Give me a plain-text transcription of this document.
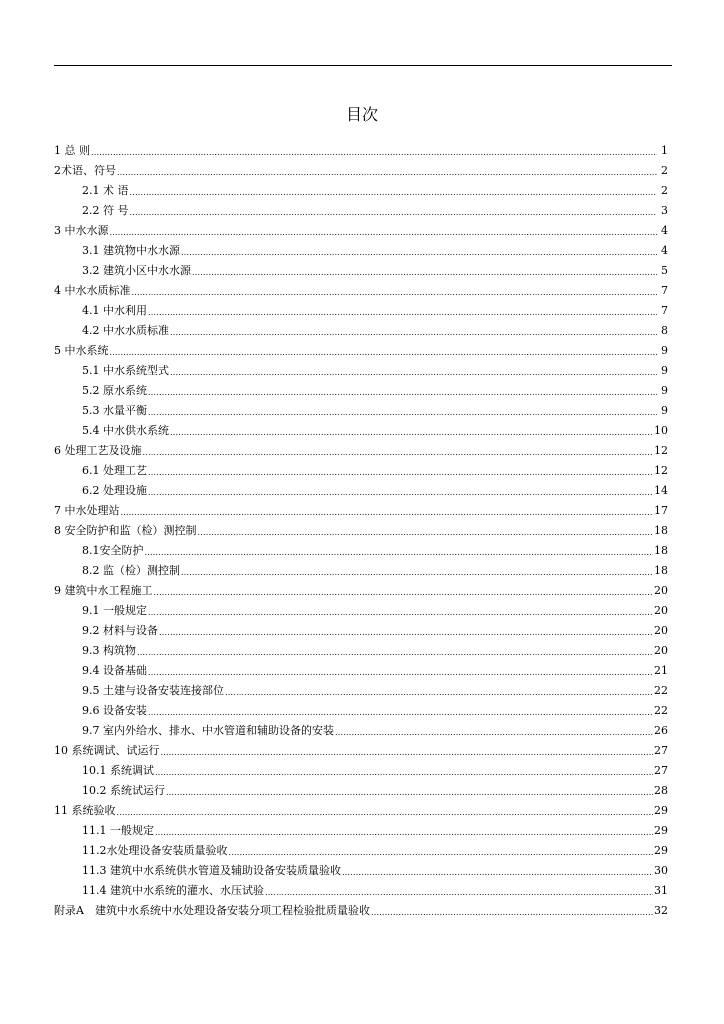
目次
1 总 则 .....	1
2术语、符号 .....	2
2.1 术 语 .....	2
2.2 符 号 .....	3
3 中水水源 .....	4
3.1 建筑物中水水源 .....	4
3.2 建筑小区中水水源 .....	5
4 中水水质标准 .....	7
4.1 中水利用 .....	7
4.2 中水水质标准 .....	8
5 中水系统 .....	9
5.1 中水系统型式 .....	9
5.2 原水系统 .....	9
5.3 水量平衡 .....	9
5.4 中水供水系统 .....	10
6 处理工艺及设施 .....	12
6.1 处理工艺 .....	12
6.2 处理设施 .....	14
7 中水处理站 .....	17
8 安全防护和监（检）测控制 .....	18
8.1安全防护 .....	18
8.2 监（检）测控制 .....	18
9 建筑中水工程施工 .....	20
9.1 一般规定 .....	20
9.2 材料与设备 .....	20
9.3 构筑物 .....	20
9.4 设备基础 .....	21
9.5 土建与设备安装连接部位 .....	22
9.6 设备安装 .....	22
9.7 室内外给水、排水、中水管道和辅助设备的安装 .....	26
10 系统调试、试运行 .....	27
10.1 系统调试 .....	27
10.2 系统试运行 .....	28
11 系统验收 .....	29
11.1 一般规定 .....	29
11.2水处理设备安装质量验收 .....	29
11.3 建筑中水系统供水管道及辅助设备安装质量验收 .....	30
11.4 建筑中水系统的灌水、水压试验 .....	31
附录A　建筑中水系统中水处理设备安装分项工程检验批质量验收 .....	32
